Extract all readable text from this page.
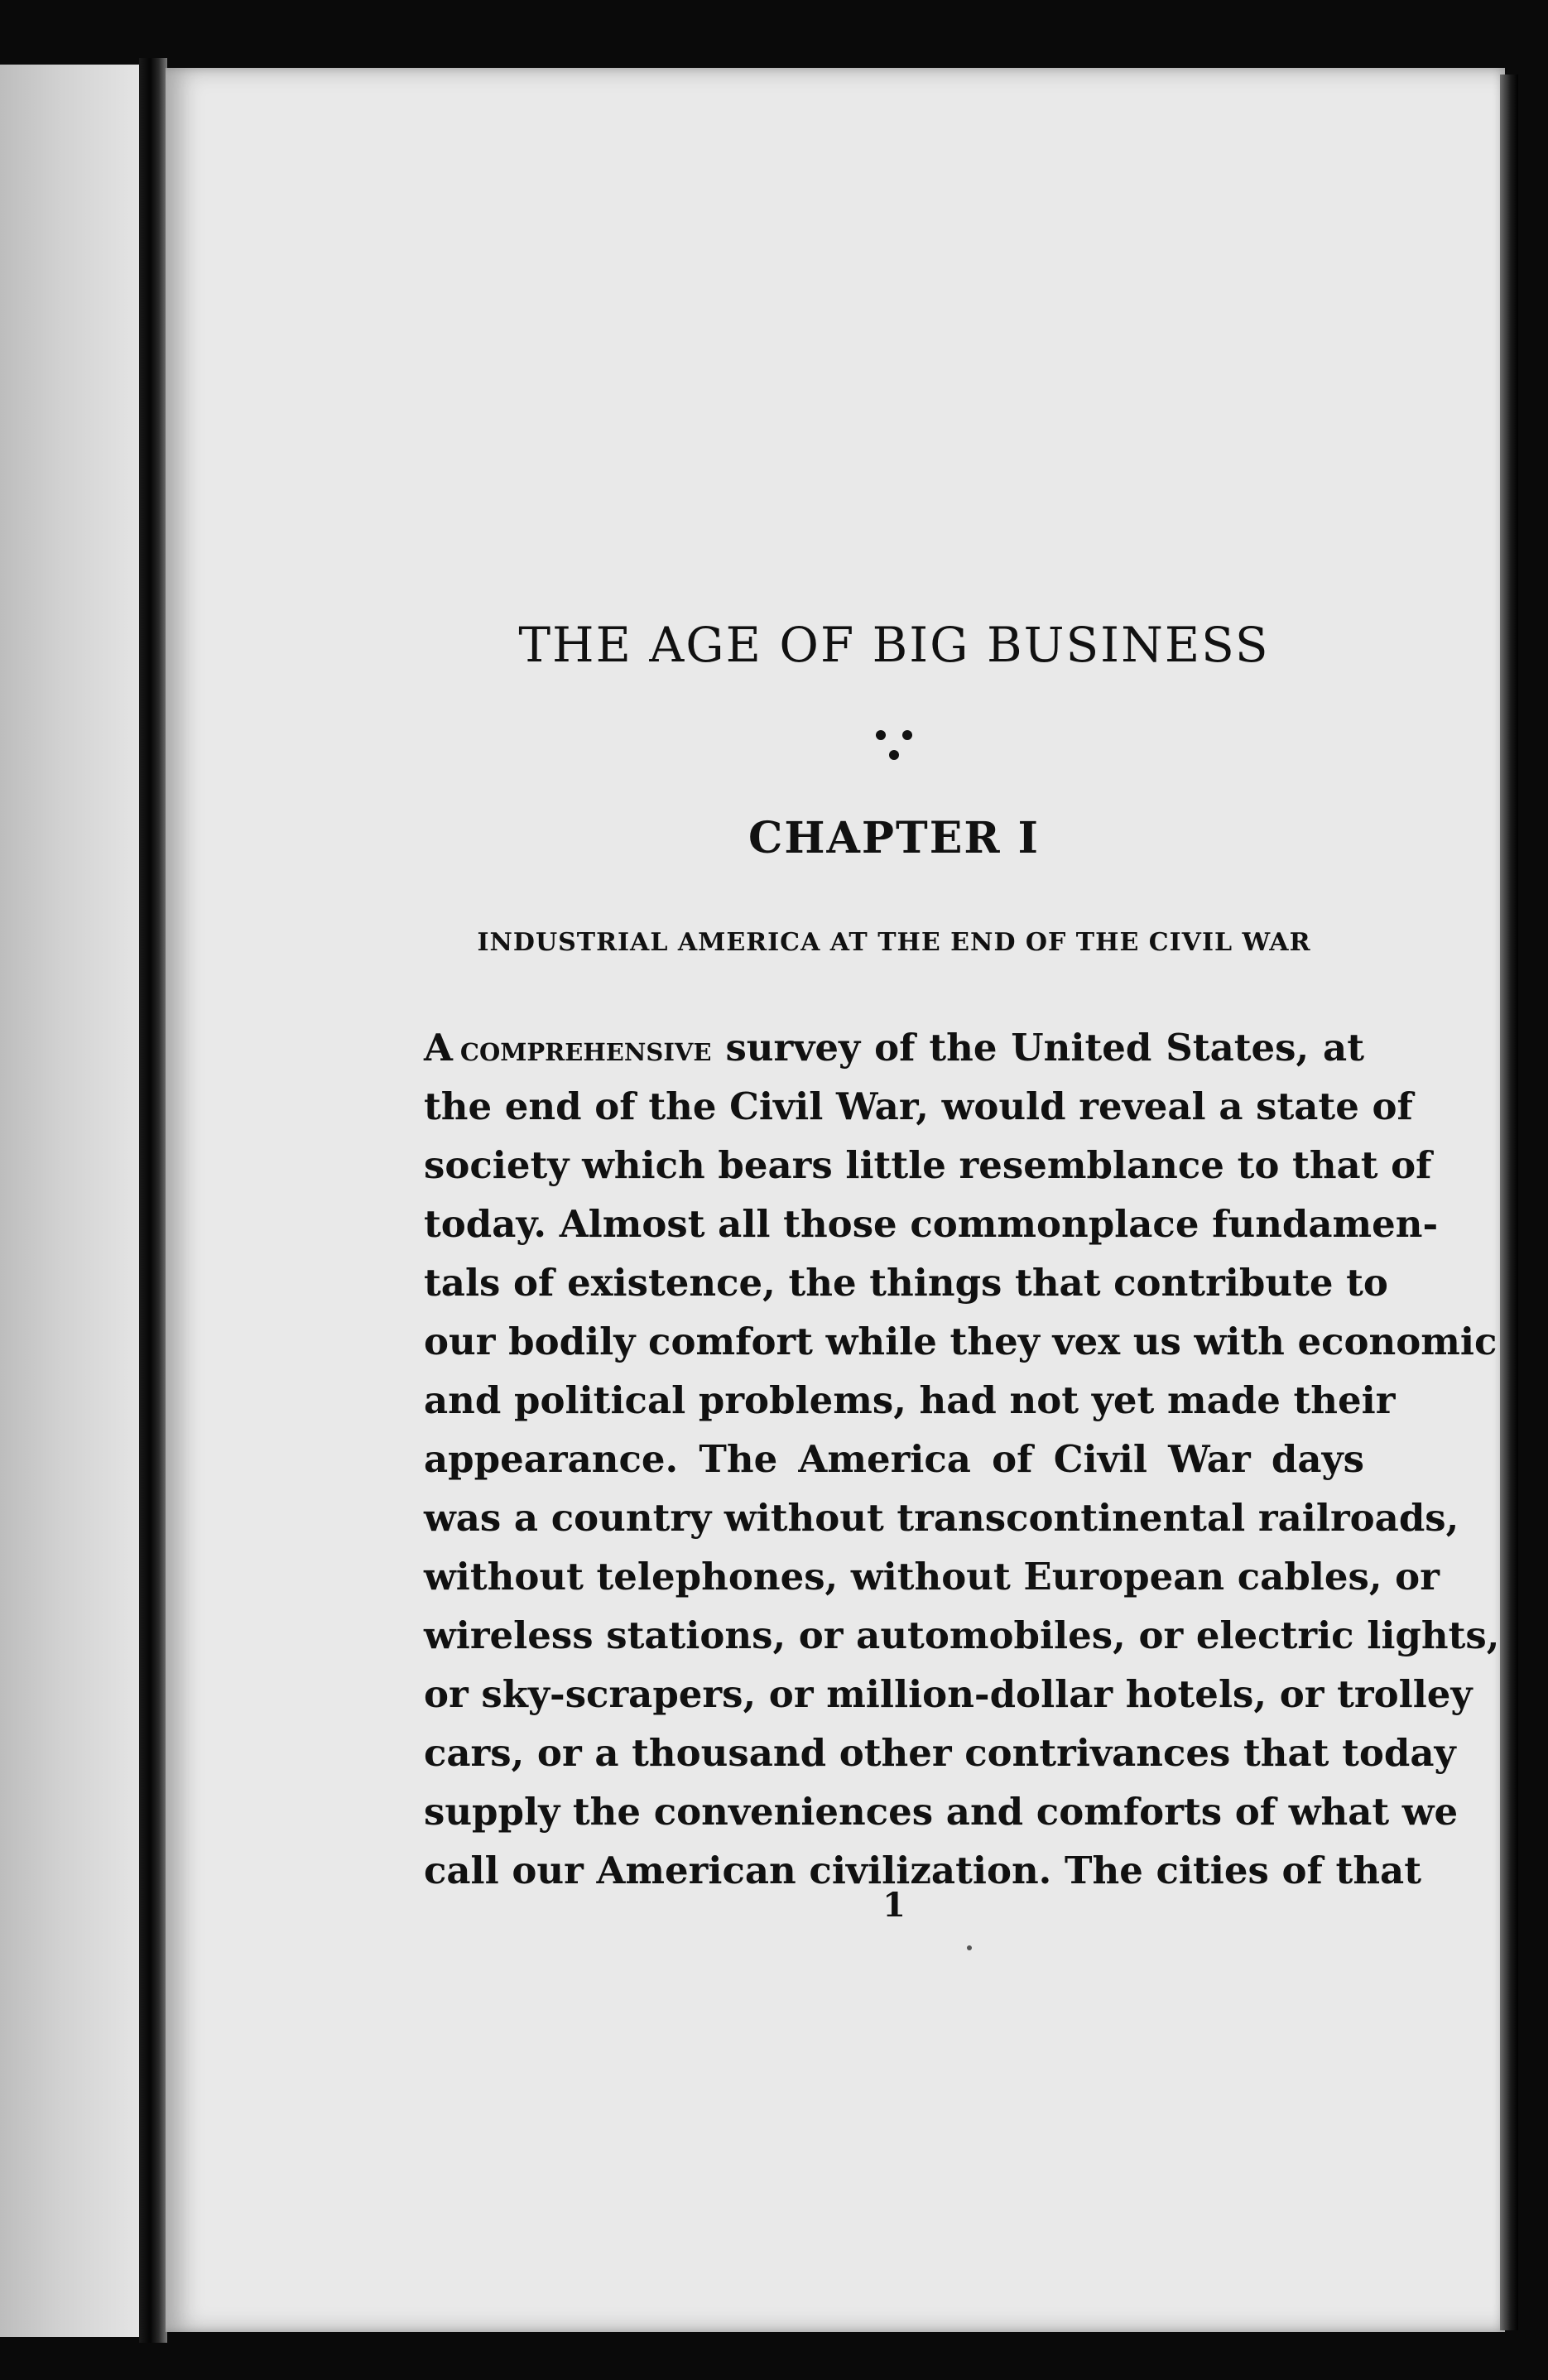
THE AGE OF BIG BUSINESS
CHAPTER I
INDUSTRIAL AMERICA AT THE END OF THE CIVIL WAR
A  comprehensive survey of the United States, at
the end of the Civil War, would reveal a state of
society which bears little resemblance to that of
today. Almost all those commonplace fundamen-
tals of existence, the things that contribute to
our bodily comfort while they vex us with economic
and political problems, had not yet made their
appearance. The America of Civil War days
was a country without transcontinental railroads,
without telephones, without European cables, or
wireless stations, or automobiles, or electric lights,
or sky-scrapers, or million-dollar hotels, or trolley
cars, or a thousand other contrivances that today
supply the conveniences and comforts of what we
call our American civilization. The cities of that
1
